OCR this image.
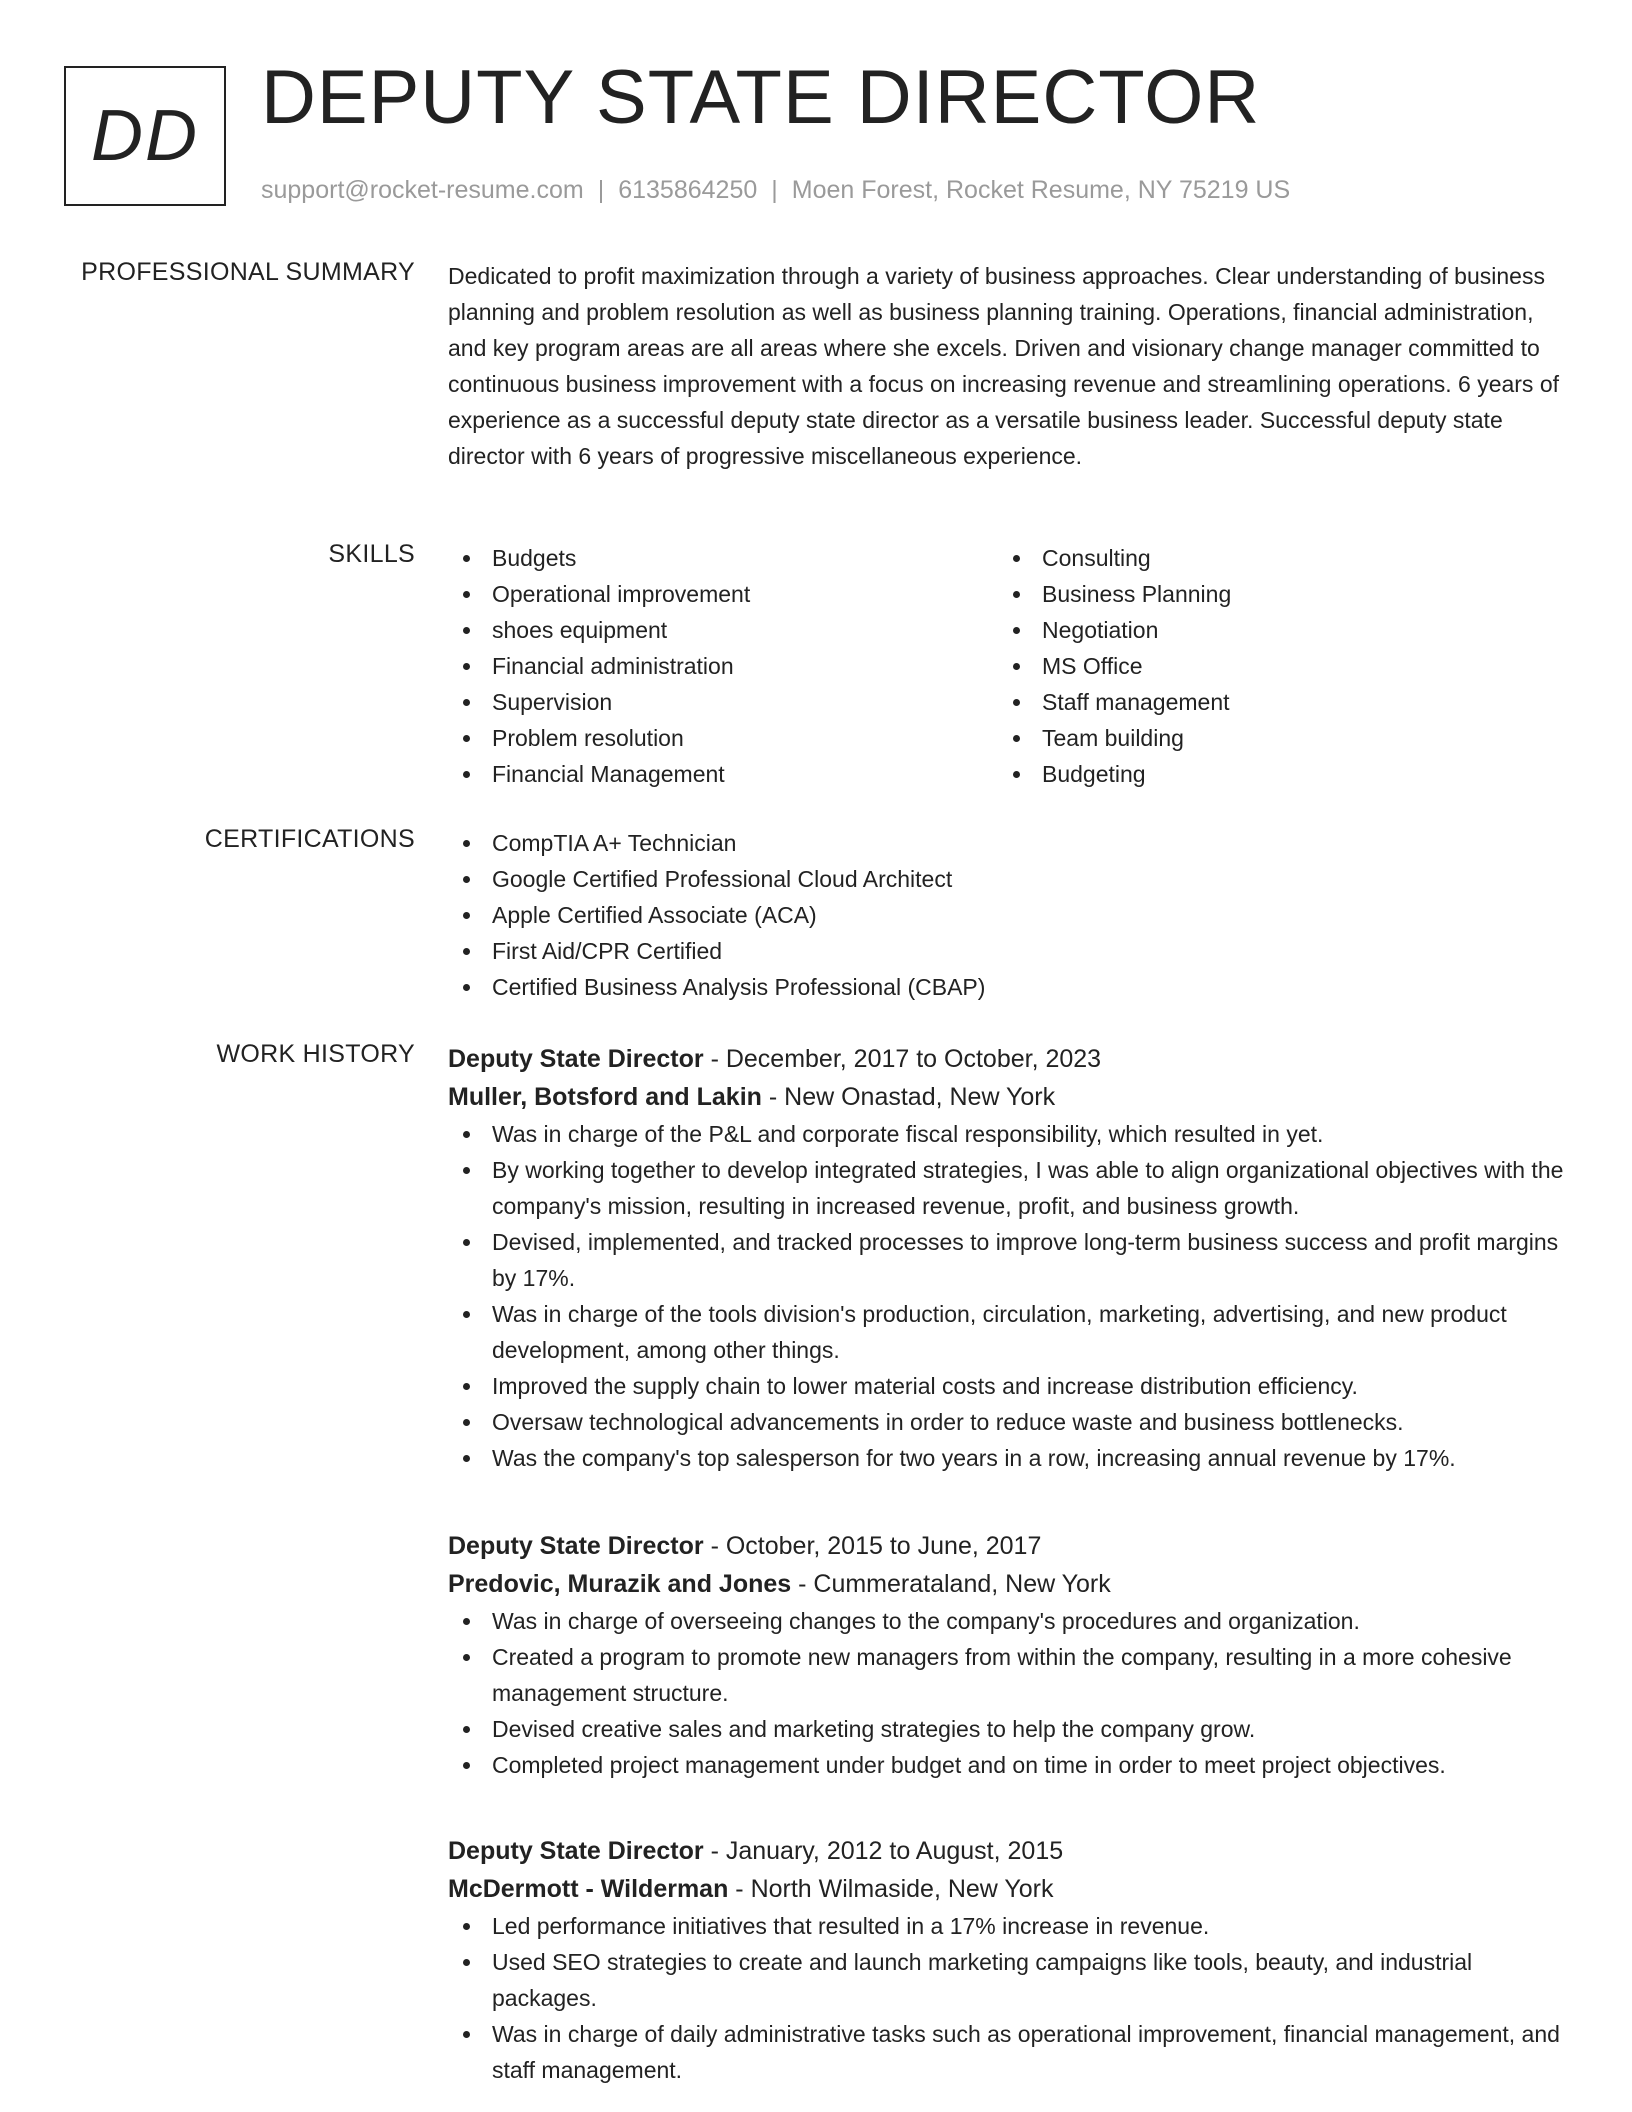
DD DEPUTY STATE DIRECTOR
support@rocket-resume.com | 6135864250 | Moen Forest, Rocket Resume, NY 75219 US
PROFESSIONAL SUMMARY Dedicated to profit maximization through a variety of business approaches. Clear understanding of business planning and problem resolution as well as business planning training. Operations, financial administration, and key program areas are all areas where she excels. Driven and visionary change manager committed to continuous business improvement with a focus on increasing revenue and streamlining operations. 6 years of experience as a successful deputy state director as a versatile business leader. Successful deputy state director with 6 years of progressive miscellaneous experience.

SKILLS	Budgets
Operational improvement
shoes equipment
Financial administration
Supervision
Problem resolution
Financial Management
Consulting
Business Planning
Negotiation
MS Office
Staff management
Team building
Budgeting
CERTIFICATIONS	CompTIA A+ Technician
Google Certified Professional Cloud Architect
Apple Certified Associate (ACA)
First Aid/CPR Certified
Certified Business Analysis Professional (CBAP)
WORK HISTORY Deputy State Director - December, 2017 to October, 2023
Muller, Botsford and Lakin - New Onastad, New York
Was in charge of the P&L and corporate fiscal responsibility, which resulted in yet.
By working together to develop integrated strategies, I was able to align organizational objectives with the company's mission, resulting in increased revenue, profit, and business growth.
Devised, implemented, and tracked processes to improve long-term business success and profit margins by 17%.
Was in charge of the tools division's production, circulation, marketing, advertising, and new product development, among other things.
Improved the supply chain to lower material costs and increase distribution efficiency.
Oversaw technological advancements in order to reduce waste and business bottlenecks.
Was the company's top salesperson for two years in a row, increasing annual revenue by 17%.
Deputy State Director - October, 2015 to June, 2017
Predovic, Murazik and Jones - Cummerataland, New York
Was in charge of overseeing changes to the company's procedures and organization.
Created a program to promote new managers from within the company, resulting in a more cohesive management structure.
Devised creative sales and marketing strategies to help the company grow.
Completed project management under budget and on time in order to meet project objectives.
Deputy State Director - January, 2012 to August, 2015
McDermott - Wilderman - North Wilmaside, New York
Led performance initiatives that resulted in a 17% increase in revenue.
Used SEO strategies to create and launch marketing campaigns like tools, beauty, and industrial packages.
Was in charge of daily administrative tasks such as operational improvement, financial management, and staff management.
